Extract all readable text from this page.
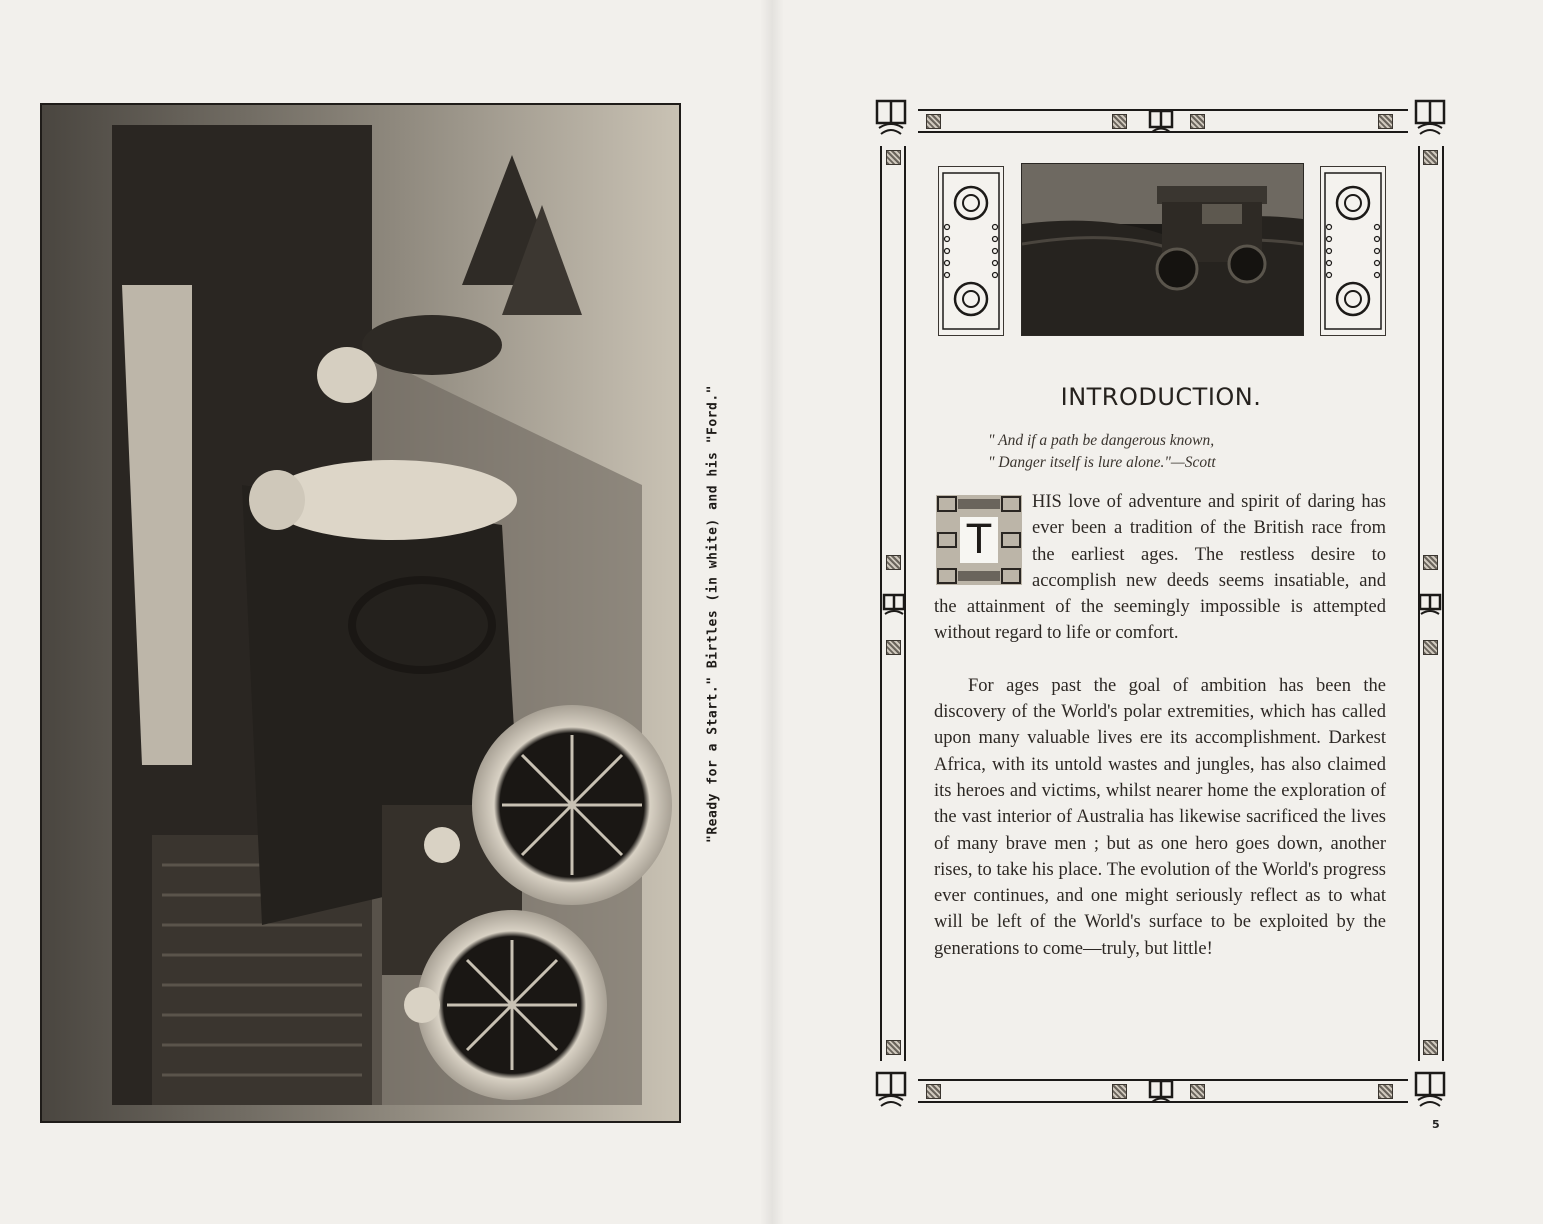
"Ready for a Start." Birtles (in white) and his "Ford."	INTRODUCTION.
" And if a path be dangerous known,
" Danger itself is lure alone."—Scott
T
HIS love of adventure and spirit of daring has ever been a tradition of the British race from the earliest ages. The restless desire to accomplish new deeds seems insatiable, and the attainment of the seemingly impossible is attempted without regard to life or comfort.
For ages past the goal of ambition has been the discovery of the World's polar extremities, which has called upon many valuable lives ere its accomplishment. Darkest Africa, with its untold wastes and jungles, has also claimed its heroes and victims, whilst nearer home the exploration of the vast interior of Australia has likewise sacrificed the lives of many brave men ; but as one hero goes down, another rises, to take his place. The evolution of the World's progress ever continues, and one might seriously reflect as to what will be left of the World's surface to be exploited by the generations to come—truly, but little!
5
